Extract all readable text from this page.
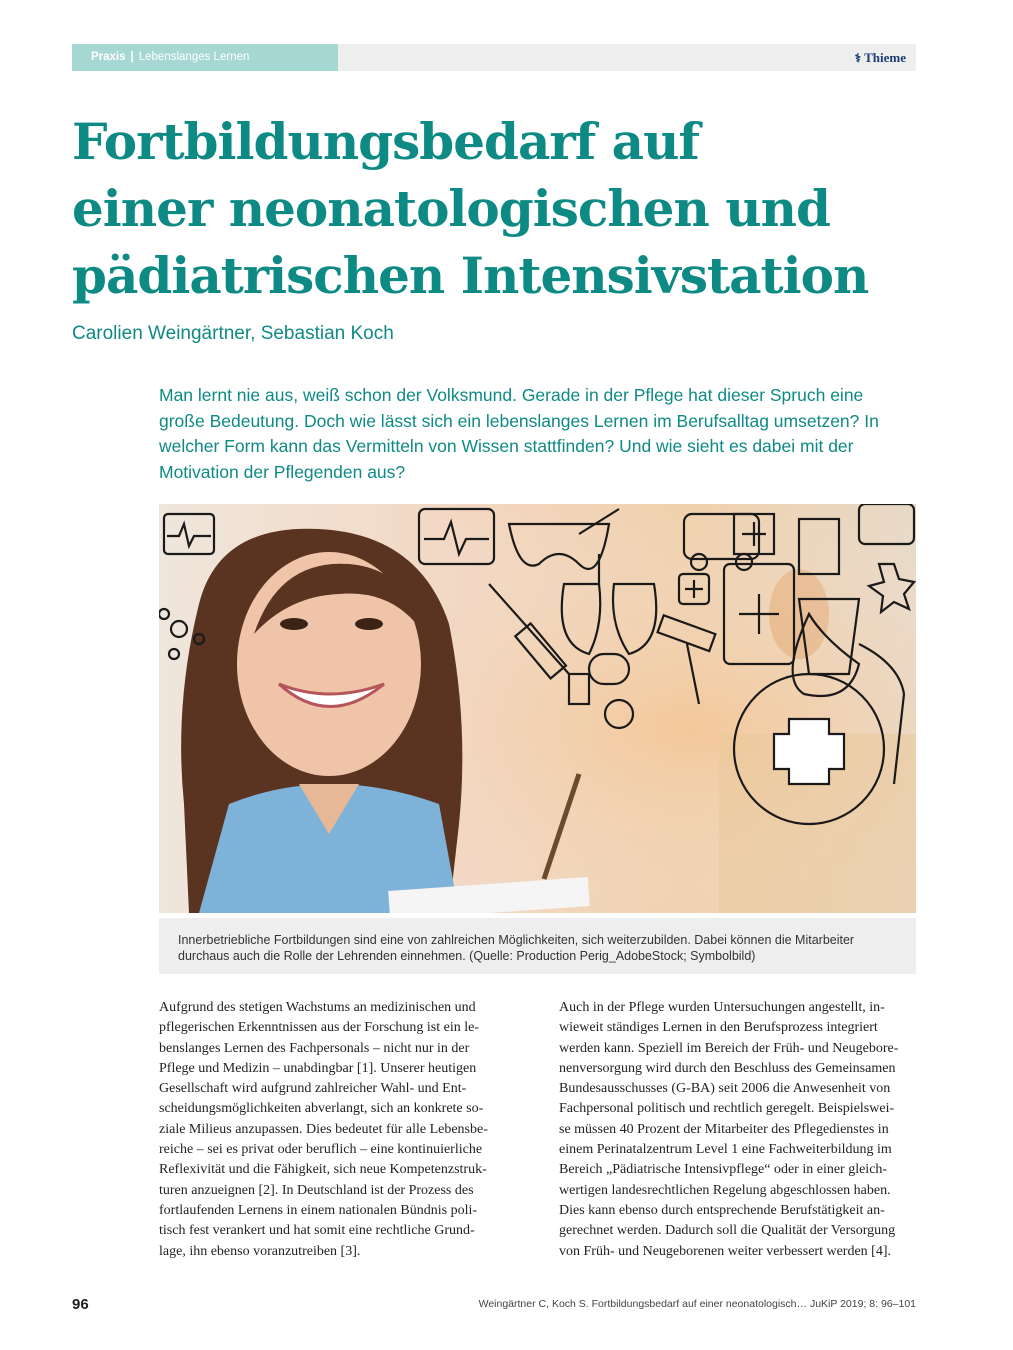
Praxis | Lebenslanges Lernen	⚕ Thieme
Fortbildungsbedarf auf
einer neonatologischen und
pädiatrischen Intensivstation
Carolien Weingärtner, Sebastian Koch
Man lernt nie aus, weiß schon der Volksmund. Gerade in der Pflege hat dieser Spruch eine
große Bedeutung. Doch wie lässt sich ein lebenslanges Lernen im Berufsalltag umsetzen? In
welcher Form kann das Vermitteln von Wissen stattfinden? Und wie sieht es dabei mit der
Motivation der Pflegenden aus?
Innerbetriebliche Fortbildungen sind eine von zahlreichen Möglichkeiten, sich weiterzubilden. Dabei können die Mitarbeiter
durchaus auch die Rolle der Lehrenden einnehmen. (Quelle: Production Perig_AdobeStock; Symbolbild)
Aufgrund des stetigen Wachstums an medizinischen und
pflegerischen Erkenntnissen aus der Forschung ist ein le-
benslanges Lernen des Fachpersonals – nicht nur in der
Pflege und Medizin – unabdingbar [1]. Unserer heutigen
Gesellschaft wird aufgrund zahlreicher Wahl- und Ent-
scheidungsmöglichkeiten abverlangt, sich an konkrete so-
ziale Milieus anzupassen. Dies bedeutet für alle Lebensbe-
reiche – sei es privat oder beruflich – eine kontinuierliche
Reflexivität und die Fähigkeit, sich neue Kompetenzstruk-
turen anzueignen [2]. In Deutschland ist der Prozess des
fortlaufenden Lernens in einem nationalen Bündnis poli-
tisch fest verankert und hat somit eine rechtliche Grund-
lage, ihn ebenso voranzutreiben [3].
Auch in der Pflege wurden Untersuchungen angestellt, in-
wieweit ständiges Lernen in den Berufsprozess integriert
werden kann. Speziell im Bereich der Früh- und Neugebore-
nenversorgung wird durch den Beschluss des Gemeinsamen
Bundesausschusses (G-BA) seit 2006 die Anwesenheit von
Fachpersonal politisch und rechtlich geregelt. Beispielswei-
se müssen 40 Prozent der Mitarbeiter des Pflegedienstes in
einem Perinatalzentrum Level 1 eine Fachweiterbildung im
Bereich „Pädiatrische Intensivpflege“ oder in einer gleich-
wertigen landesrechtlichen Regelung abgeschlossen haben.
Dies kann ebenso durch entsprechende Berufstätigkeit an-
gerechnet werden. Dadurch soll die Qualität der Versorgung
von Früh- und Neugeborenen weiter verbessert werden [4].
96	Weingärtner C, Koch S. Fortbildungsbedarf auf einer neonatologisch… JuKiP 2019; 8: 96–101
